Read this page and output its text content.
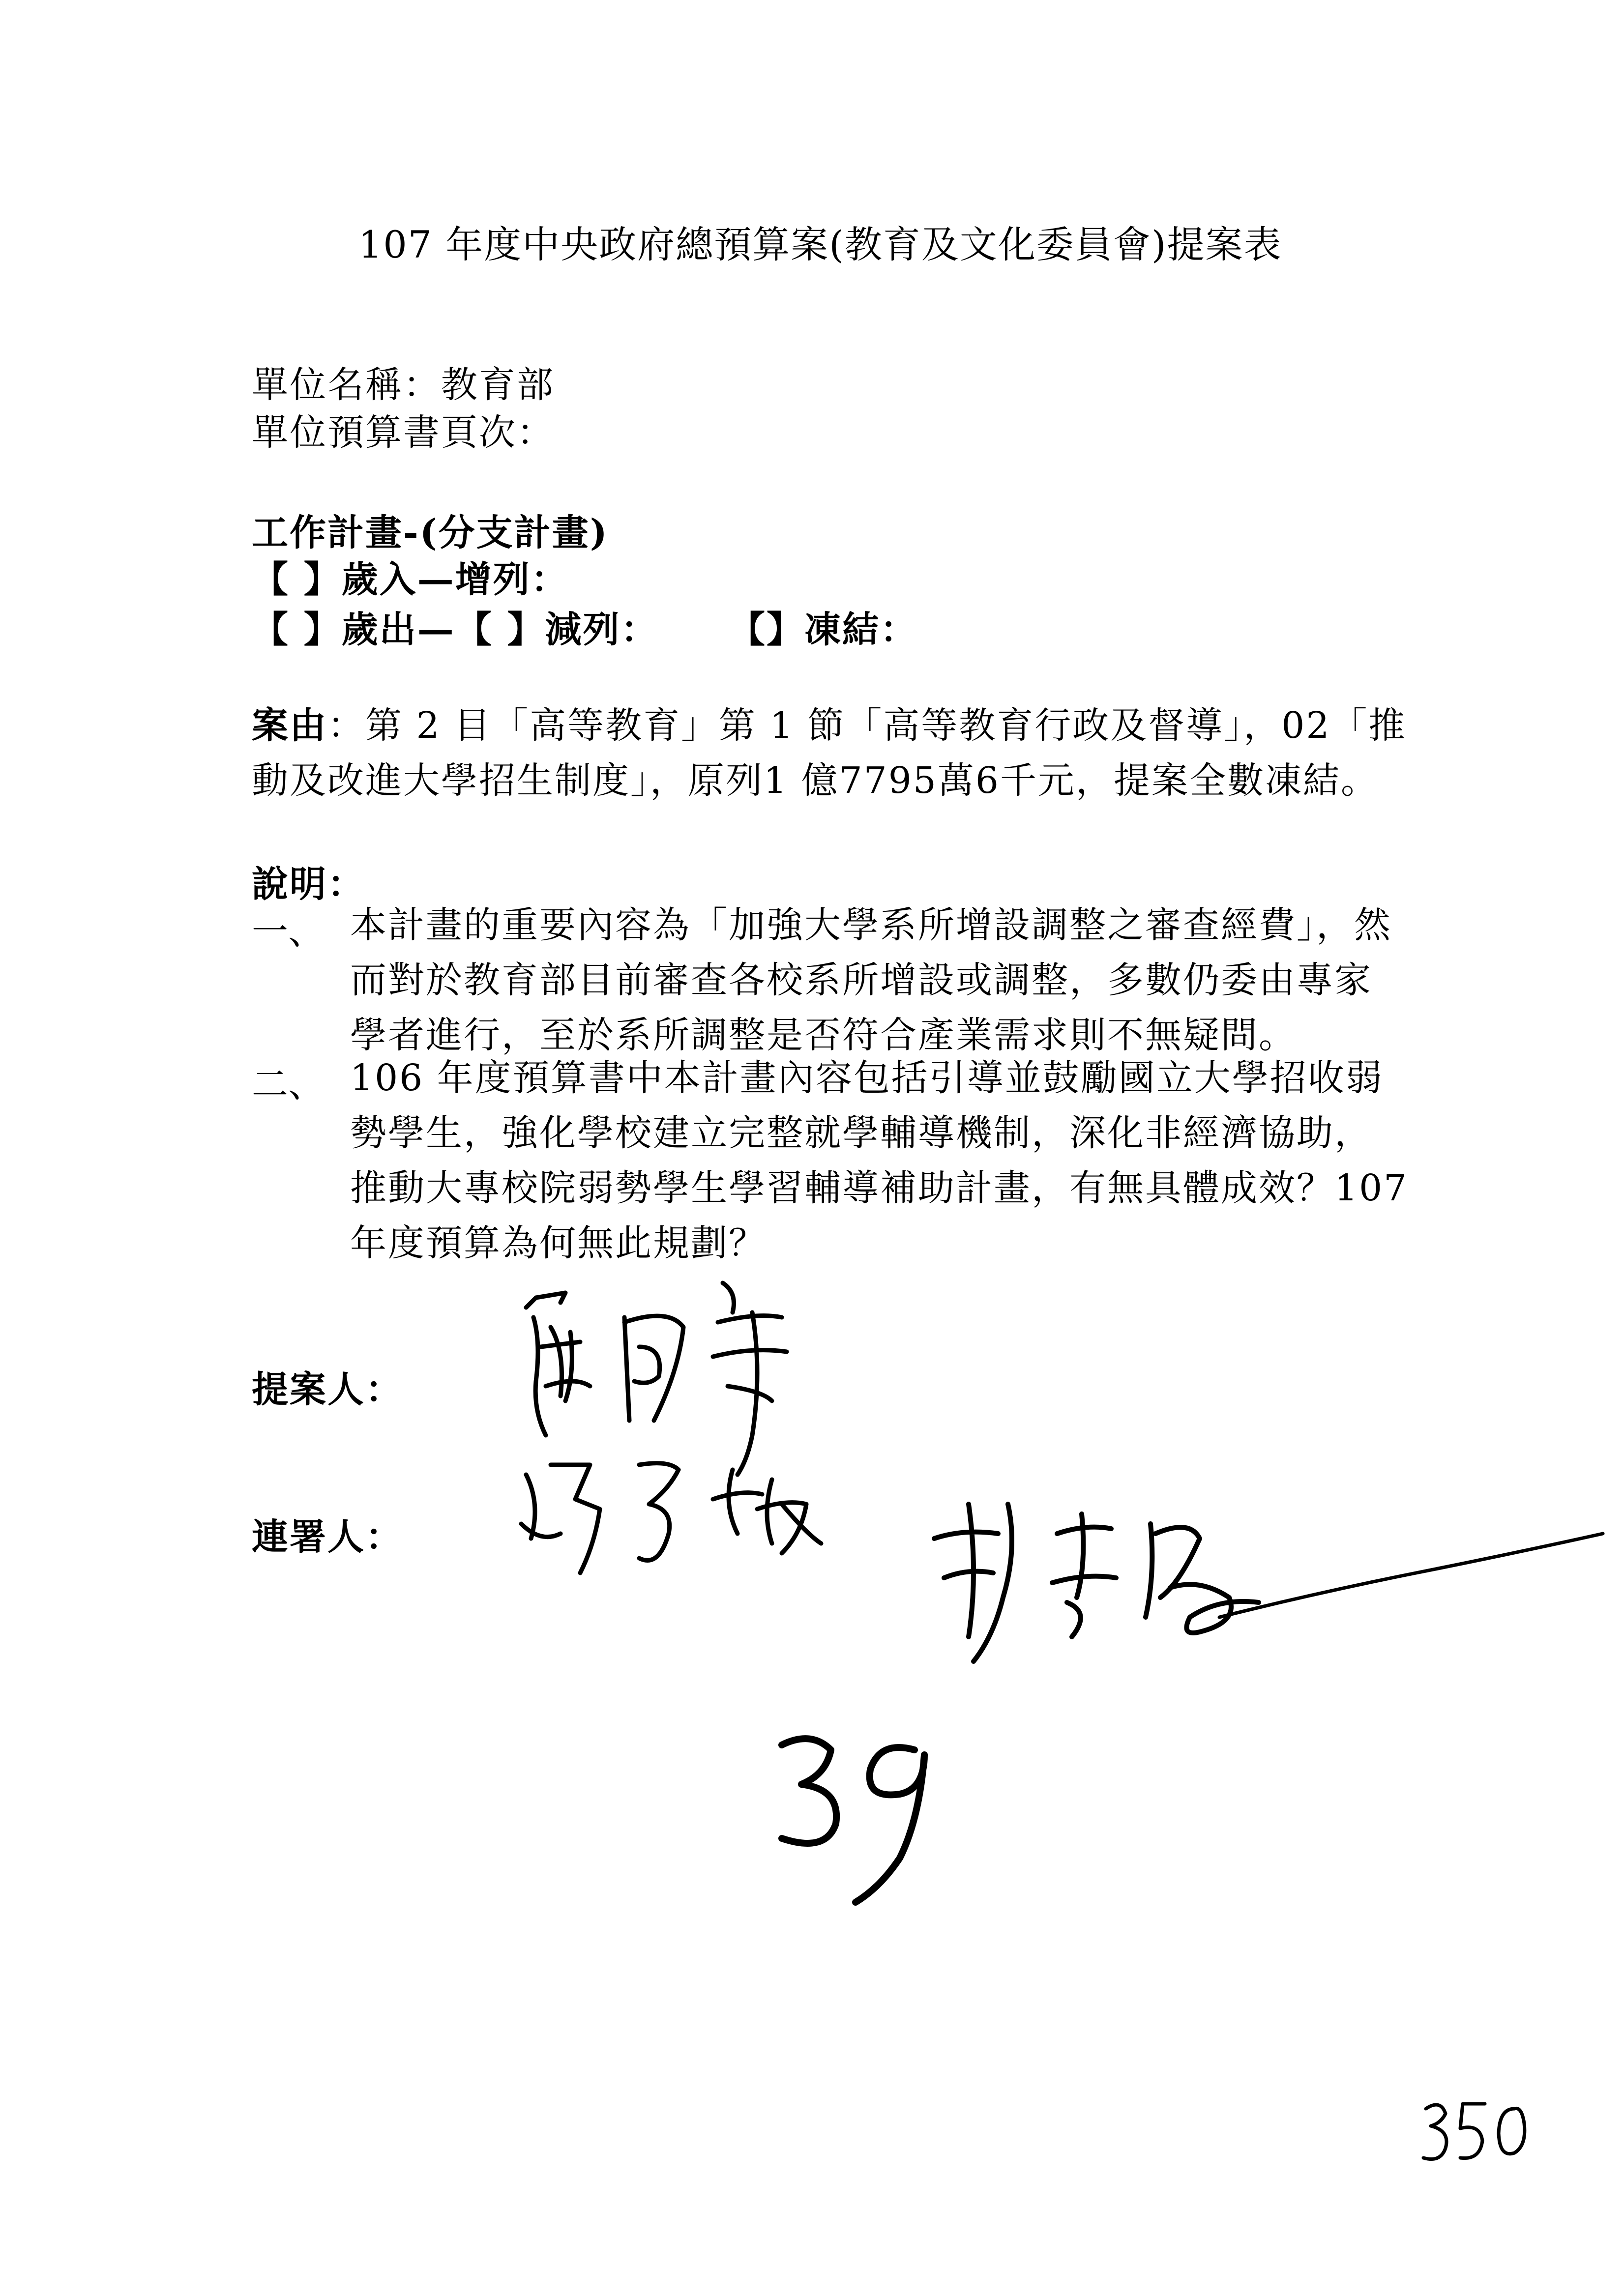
107 年度中央政府總預算案(教育及文化委員會)提案表
單位名稱：教育部
單位預算書頁次：
工作計畫-(分支計畫)
【 】歲入—增列：
【 】歲出—【 】減列： 【】凍結：
案由：第 2 目「高等教育」第 1 節「高等教育行政及督導」，02「推
動及改進大學招生制度」，原列1 億7795萬6千元，提案全數凍結。
說明：
一、 本計畫的重要內容為「加強大學系所增設調整之審查經費」，然
而對於教育部目前審查各校系所增設或調整，多數仍委由專家
學者進行，至於系所調整是否符合產業需求則不無疑問。
二、 106 年度預算書中本計畫內容包括引導並鼓勵國立大學招收弱
勢學生，強化學校建立完整就學輔導機制，深化非經濟協助，
推動大專校院弱勢學生學習輔導補助計畫，有無具體成效？107
年度預算為何無此規劃？
提案人：
連署人：
